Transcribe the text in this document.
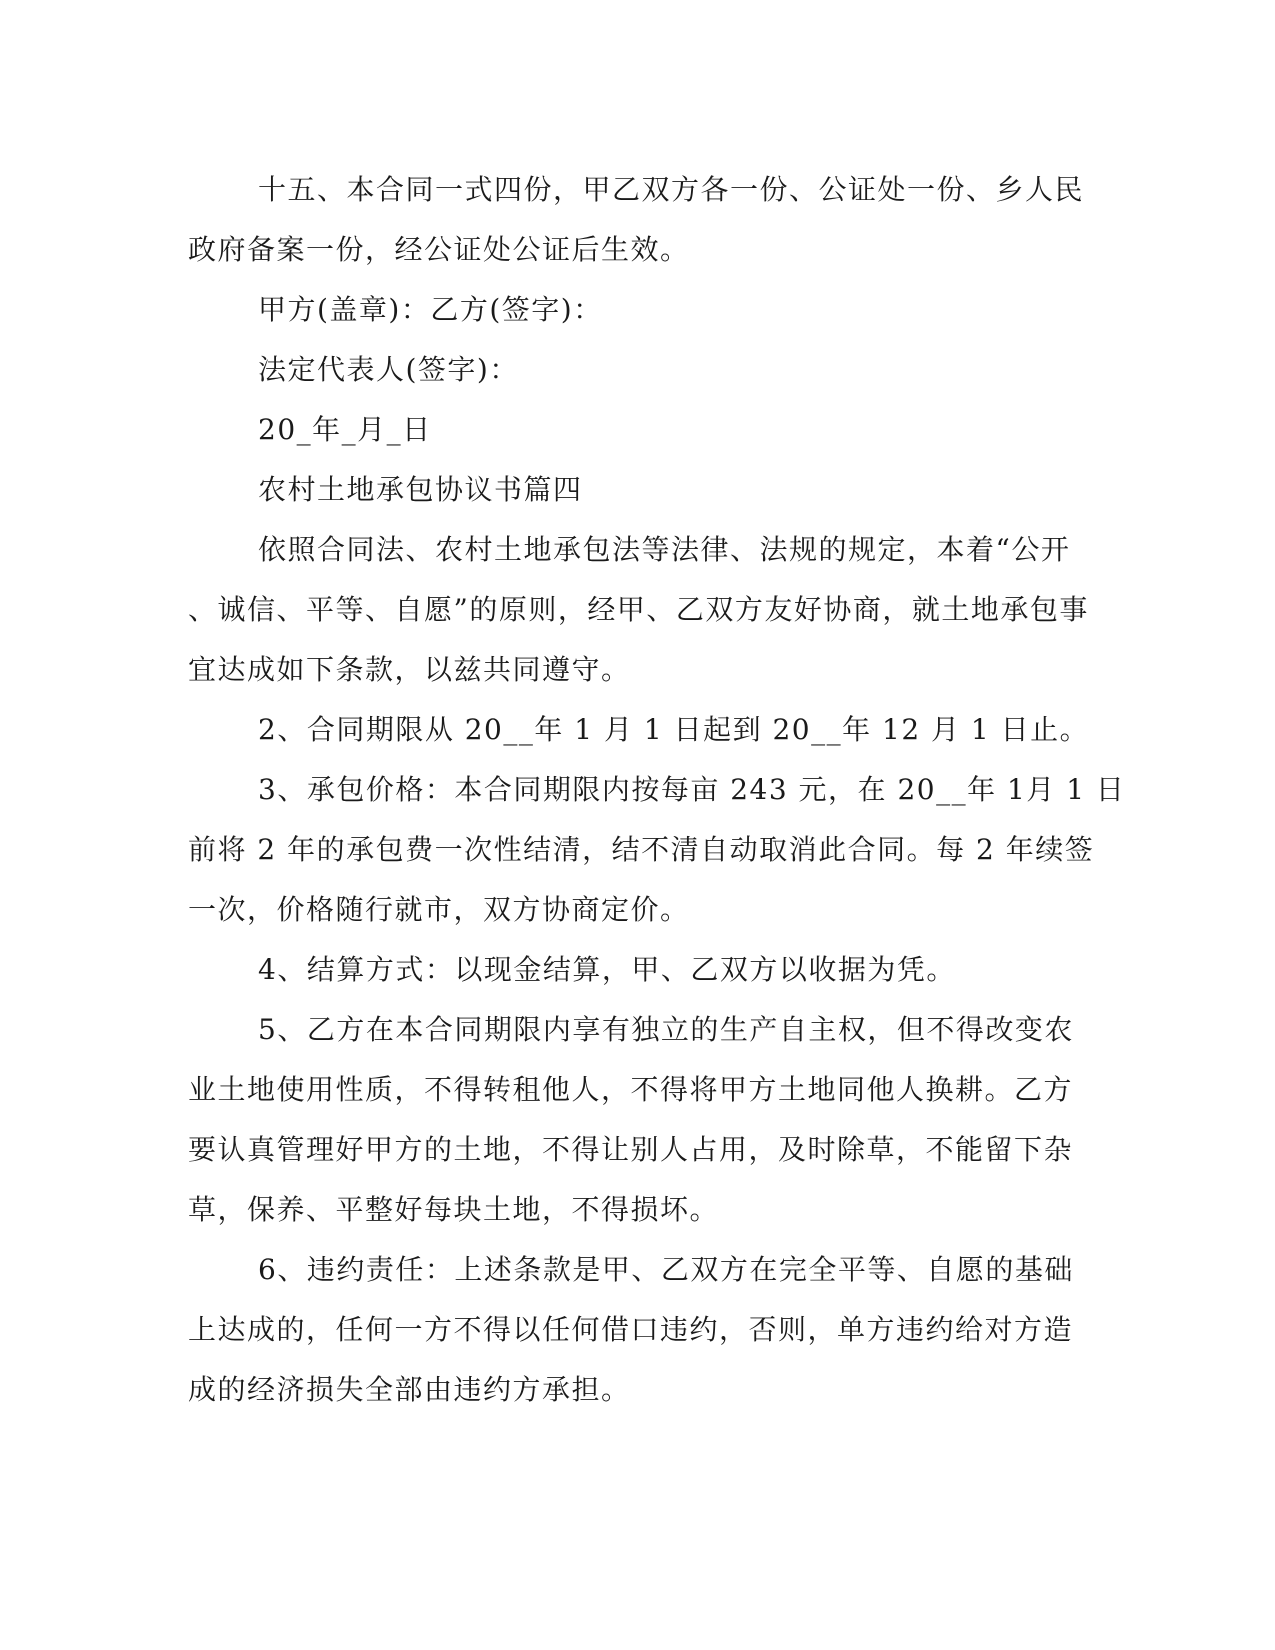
十五、本合同一式四份，甲乙双方各一份、公证处一份、乡人民
政府备案一份，经公证处公证后生效。
甲方(盖章)：乙方(签字)：
法定代表人(签字)：
20_年_月_日
农村土地承包协议书篇四
依照合同法、农村土地承包法等法律、法规的规定，本着“公开
、诚信、平等、自愿”的原则，经甲、乙双方友好协商，就土地承包事
宜达成如下条款，以兹共同遵守。
2、合同期限从 20__年 1 月 1 日起到 20__年 12 月 1 日止。
3、承包价格：本合同期限内按每亩 243 元，在 20__年 1月 1 日
前将 2 年的承包费一次性结清，结不清自动取消此合同。每 2 年续签
一次，价格随行就市，双方协商定价。
4、结算方式：以现金结算，甲、乙双方以收据为凭。
5、乙方在本合同期限内享有独立的生产自主权，但不得改变农
业土地使用性质，不得转租他人，不得将甲方土地同他人换耕。乙方
要认真管理好甲方的土地，不得让别人占用，及时除草，不能留下杂
草，保养、平整好每块土地，不得损坏。
6、违约责任：上述条款是甲、乙双方在完全平等、自愿的基础
上达成的，任何一方不得以任何借口违约，否则，单方违约给对方造
成的经济损失全部由违约方承担。
